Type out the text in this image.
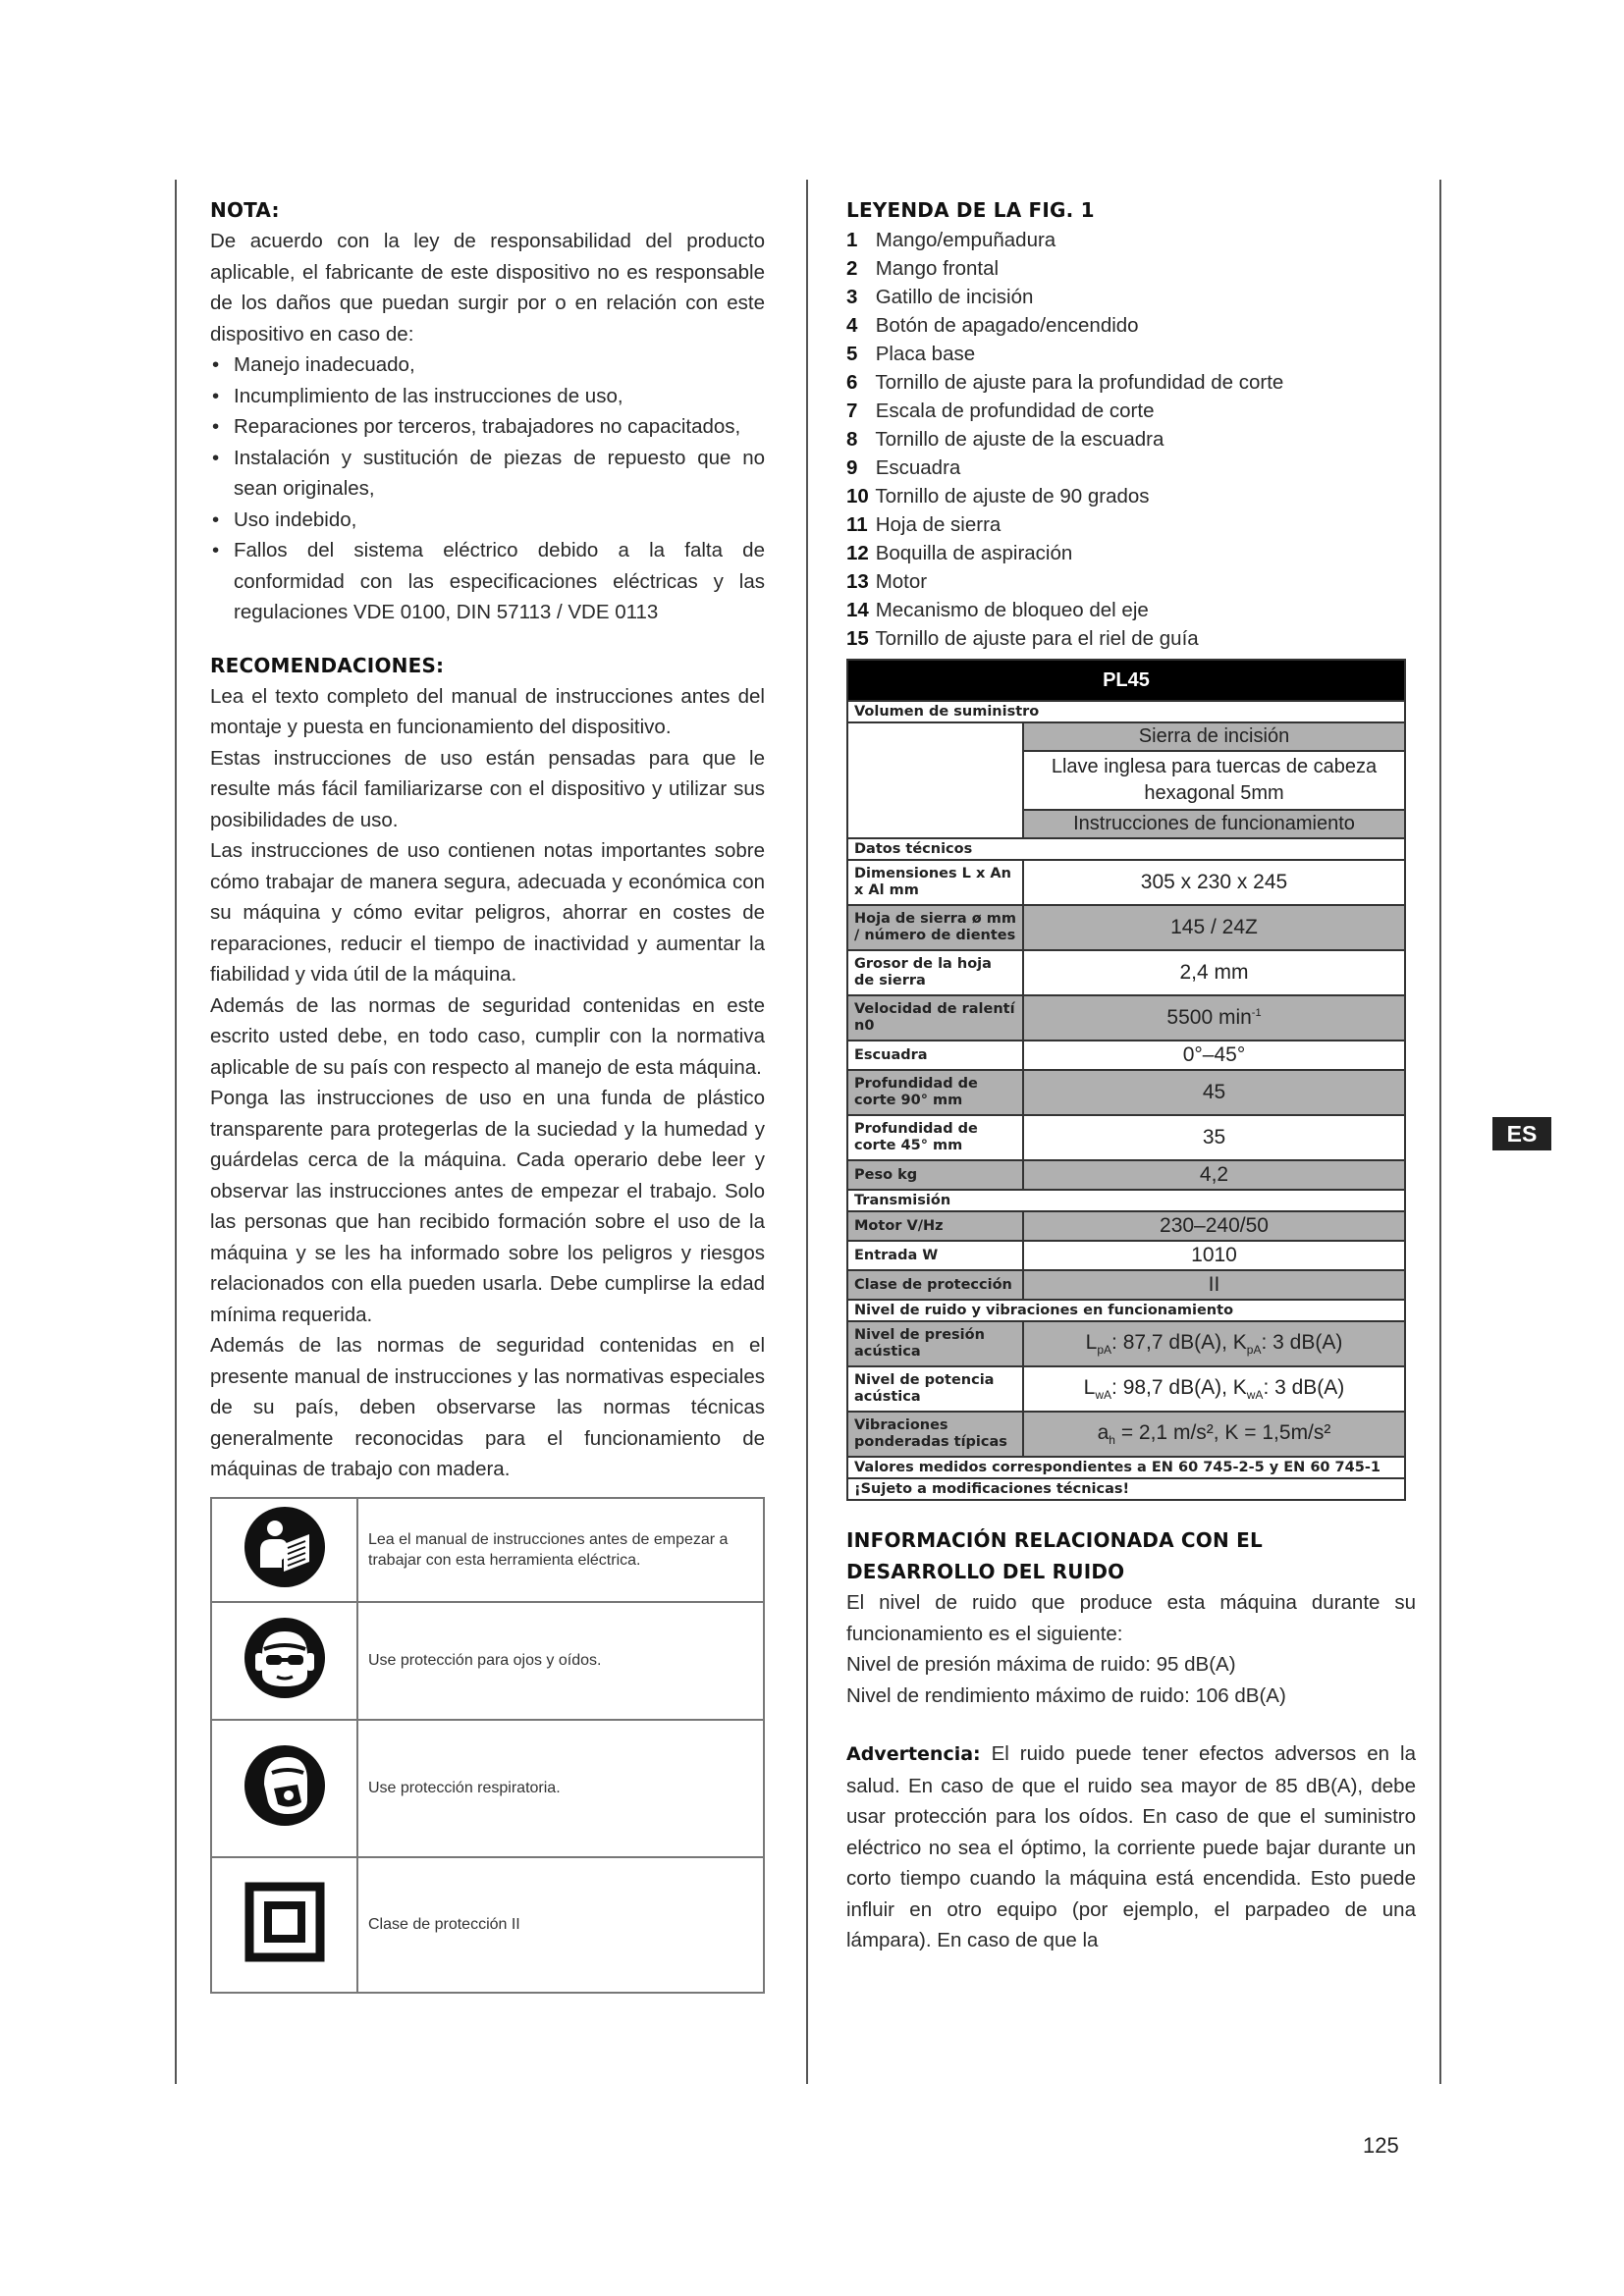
NOTA:
De acuerdo con la ley de responsabilidad del producto aplicable, el fabricante de este dispositivo no es responsable de los daños que puedan surgir por o en relación con este dispositivo en caso de:
• Manejo inadecuado,
• Incumplimiento de las instrucciones de uso,
• Reparaciones por terceros, trabajadores no capacitados,
• Instalación y sustitución de piezas de repuesto que no sean originales,
• Uso indebido,
• Fallos del sistema eléctrico debido a la falta de conformidad con las especificaciones eléctricas y las regulaciones VDE 0100, DIN 57113 / VDE 0113
RECOMENDACIONES:
Lea el texto completo del manual de instrucciones antes del montaje y puesta en funcionamiento del dispositivo.
Estas instrucciones de uso están pensadas para que le resulte más fácil familiarizarse con el dispositivo y utilizar sus posibilidades de uso.
Las instrucciones de uso contienen notas importantes sobre cómo trabajar de manera segura, adecuada y económica con su máquina y cómo evitar peligros, ahorrar en costes de reparaciones, reducir el tiempo de inactividad y aumentar la fiabilidad y vida útil de la máquina.
Además de las normas de seguridad contenidas en este escrito usted debe, en todo caso, cumplir con la normativa aplicable de su país con respecto al manejo de esta máquina.
Ponga las instrucciones de uso en una funda de plástico transparente para protegerlas de la suciedad y la humedad y guárdelas cerca de la máquina. Cada operario debe leer y observar las instrucciones antes de empezar el trabajo. Solo las personas que han recibido formación sobre el uso de la máquina y se les ha informado sobre los peligros y riesgos relacionados con ella pueden usarla. Debe cumplirse la edad mínima requerida.
Además de las normas de seguridad contenidas en el presente manual de instrucciones y las normativas especiales de su país, deben observarse las normas técnicas generalmente reconocidas para el funcionamiento de máquinas de trabajo con madera.
	Lea el manual de instrucciones antes de empezar a trabajar con esta herramienta eléctrica.
	Use protección para ojos y oídos.
	Use protección respiratoria.
	Clase de protección II
LEYENDA DE LA FIG. 1
1 Mango/empuñadura
2 Mango frontal
3 Gatillo de incisión
4 Botón de apagado/encendido
5 Placa base
6 Tornillo de ajuste para la profundidad de corte
7 Escala de profundidad de corte
8 Tornillo de ajuste de la escuadra
9 Escuadra
10 Tornillo de ajuste de 90 grados
11 Hoja de sierra
12 Boquilla de aspiración
13 Motor
14 Mecanismo de bloqueo del eje
15 Tornillo de ajuste para el riel de guía
PL45	
Volumen de suministro	
	Sierra de incisión
	Llave inglesa para tuercas de cabeza hexagonal 5mm
	Instrucciones de funcionamiento
Datos técnicos	
Dimensiones L x An x Al mm	305 x 230 x 245
Hoja de sierra ø mm / número de dientes	145 / 24Z
Grosor de la hoja de sierra	2,4 mm
Velocidad de ralentí n0	5500 $\min^{-1}$
Escuadra	0°–45°
Profundidad de corte 90° mm	45
Profundidad de corte 45° mm	35
Peso kg	4,2
Transmisión	
Motor V/Hz	230–240/50
Entrada W	1010
Clase de protección	II
Nivel de ruido y vibraciones en funcionamiento	
Nivel de presión acústica	$L_{pA}$: 87,7 dB(A), $K_{pA}$: 3 dB(A)
Nivel de potencia acústica	$L_{wA}$: 98,7 dB(A), $K_{wA}$: 3 dB(A)
Vibraciones ponderadas típicas	$a_h = 2,1$ m/s², K = 1,5m/s²
Valores medidos correspondientes a EN 60 745-2-5 y EN 60 745-1	
¡Sujeto a modificaciones técnicas!	
INFORMACIÓN RELACIONADA CON EL DESARROLLO DEL RUIDO
El nivel de ruido que produce esta máquina durante su funcionamiento es el siguiente:
Nivel de presión máxima de ruido: 95 dB(A)
Nivel de rendimiento máximo de ruido: 106 dB(A)
Advertencia: El ruido puede tener efectos adversos en la salud. En caso de que el ruido sea mayor de 85 dB(A), debe usar protección para los oídos. En caso de que el suministro eléctrico no sea el óptimo, la corriente puede bajar durante un corto tiempo cuando la máquina está encendida. Esto puede influir en otro equipo (por ejemplo, el parpadeo de una lámpara). En caso de que la
ES
125
